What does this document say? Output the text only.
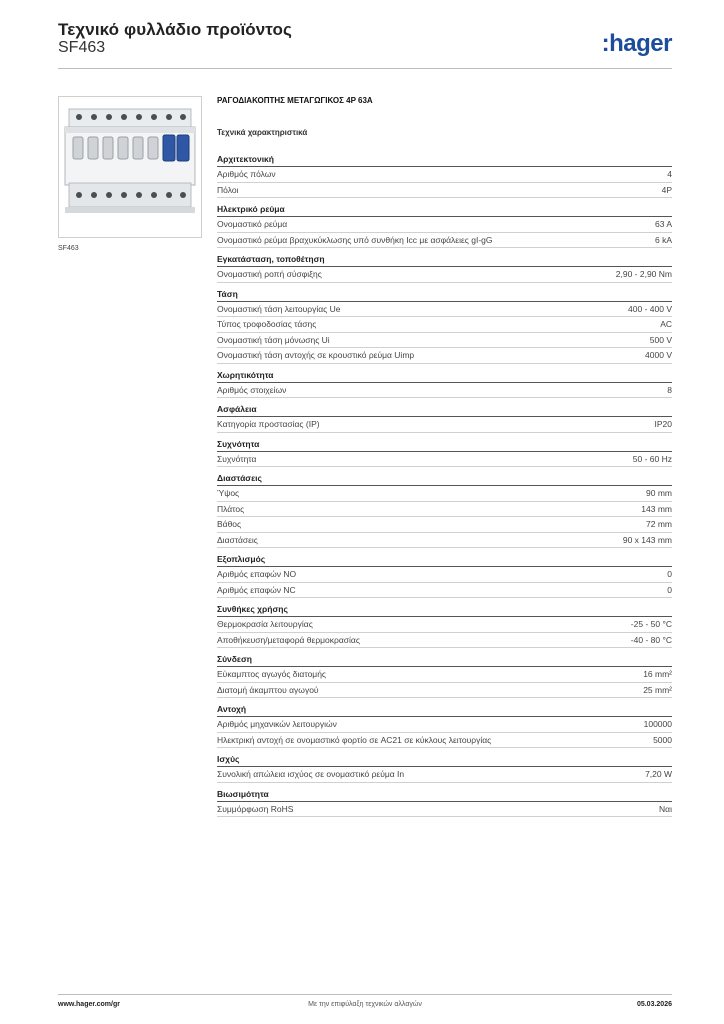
Τεχνικό φυλλάδιο προϊόντος
SF463	:hager
SF463
ΡΑΓΟΔΙΑΚΟΠΤΗΣ ΜΕΤΑΓΩΓΙΚΟΣ 4P 63A
Τεχνικά χαρακτηριστικά
Αρχιτεκτονική
Αριθμός πόλων	4
Πόλοι	4P
Ηλεκτρικό ρεύμα
Ονομαστικό ρεύμα	63 A
Ονομαστικό ρεύμα βραχυκύκλωσης υπό συνθήκη Icc με ασφάλειες gI-gG	6 kA
Εγκατάσταση, τοποθέτηση
Ονομαστική ροπή σύσφιξης	2,90 - 2,90 Nm
Τάση
Ονομαστική τάση λειτουργίας Ue	400 - 400 V
Τύπος τροφοδοσίας τάσης	AC
Ονομαστική τάση μόνωσης Ui	500 V
Ονομαστική τάση αντοχής σε κρουστικό ρεύμα Uimp	4000 V
Χωρητικότητα
Αριθμός στοιχείων	8
Ασφάλεια
Κατηγορία προστασίας (IP)	IP20
Συχνότητα
Συχνότητα	50 - 60 Hz
Διαστάσεις
Ύψος	90 mm
Πλάτος	143 mm
Βάθος	72 mm
Διαστάσεις	90 x 143 mm
Εξοπλισμός
Αριθμός επαφών NO	0
Αριθμός επαφών NC	0
Συνθήκες χρήσης
Θερμοκρασία λειτουργίας	-25 - 50 °C
Αποθήκευση/μεταφορά θερμοκρασίας	-40 - 80 °C
Σύνδεση
Εύκαμπτος αγωγός διατομής	16 mm²
Διατομή άκαμπτου αγωγού	25 mm²
Αντοχή
Αριθμός μηχανικών λειτουργιών	100000
Ηλεκτρική αντοχή σε ονομαστικό φορτίο σε AC21 σε κύκλους λειτουργίας	5000
Ισχύς
Συνολική απώλεια ισχύος σε ονομαστικό ρεύμα In	7,20 W
Βιωσιμότητα
Συμμόρφωση RoHS	Ναι
www.hager.com/gr	Με την επιφύλαξη τεχνικών αλλαγών	05.03.2026
